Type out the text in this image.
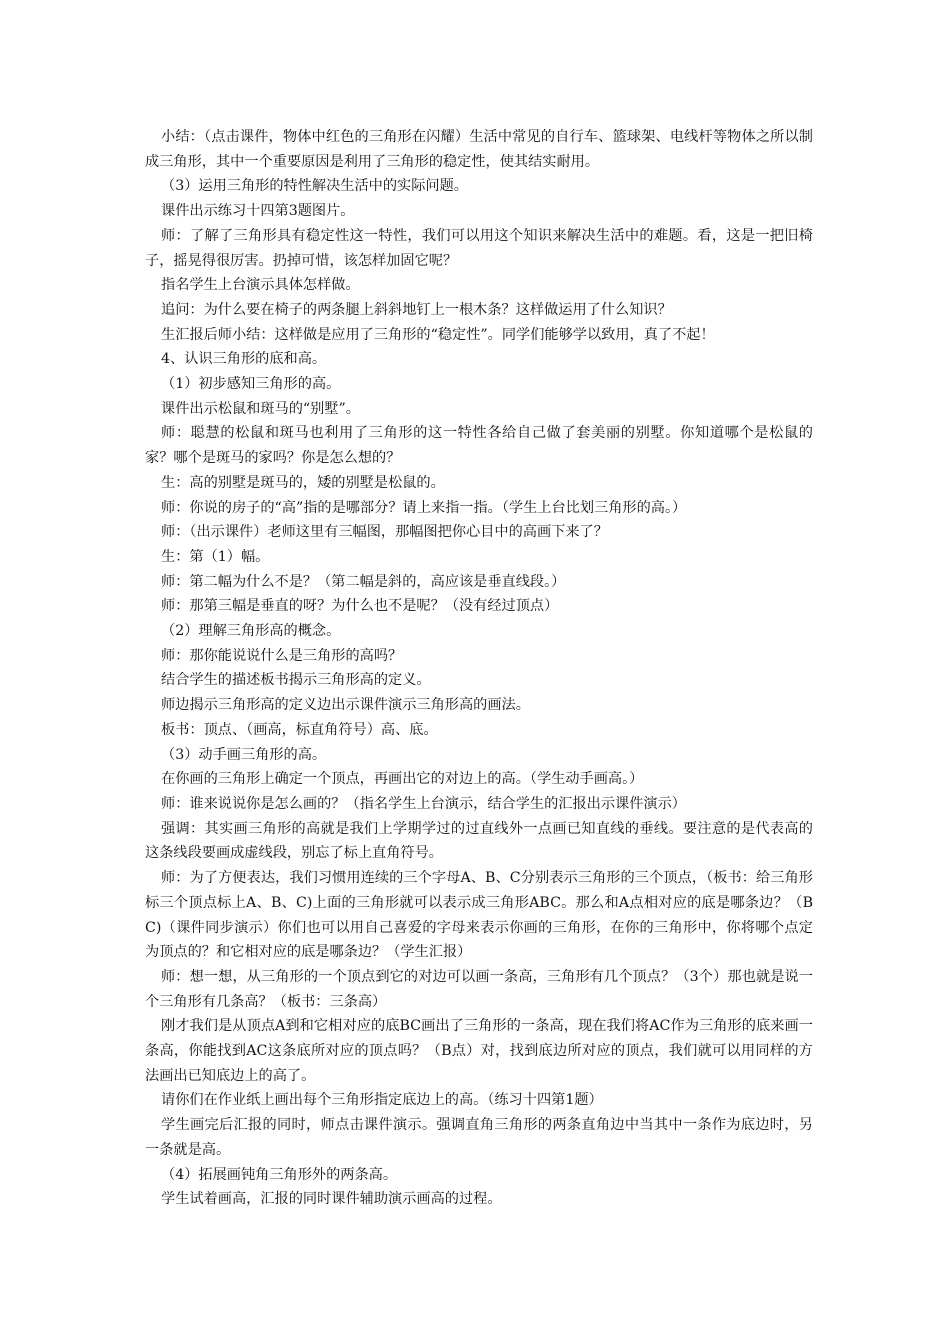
小结：（点击课件，物体中红色的三角形在闪耀）生活中常见的自行车、篮球架、电线杆等物体之所以制成三角形，其中一个重要原因是利用了三角形的稳定性，使其结实耐用。

（3）运用三角形的特性解决生活中的实际问题。

课件出示练习十四第3题图片。

师：了解了三角形具有稳定性这一特性，我们可以用这个知识来解决生活中的难题。看，这是一把旧椅子，摇晃得很厉害。扔掉可惜，该怎样加固它呢？

指名学生上台演示具体怎样做。

追问：为什么要在椅子的两条腿上斜斜地钉上一根木条？这样做运用了什么知识？

生汇报后师小结：这样做是应用了三角形的“稳定性”。同学们能够学以致用，真了不起！

4、认识三角形的底和高。

（1）初步感知三角形的高。

课件出示松鼠和斑马的“别墅”。

师：聪慧的松鼠和斑马也利用了三角形的这一特性各给自己做了套美丽的别墅。你知道哪个是松鼠的家？哪个是斑马的家吗？你是怎么想的？

生：高的别墅是斑马的，矮的别墅是松鼠的。

师：你说的房子的“高”指的是哪部分？请上来指一指。（学生上台比划三角形的高。）

师：（出示课件）老师这里有三幅图，那幅图把你心目中的高画下来了？

生：第（1）幅。

师：第二幅为什么不是？（第二幅是斜的，高应该是垂直线段。）

师：那第三幅是垂直的呀？为什么也不是呢？（没有经过顶点）

（2）理解三角形高的概念。

师：那你能说说什么是三角形的高吗？

结合学生的描述板书揭示三角形高的定义。

师边揭示三角形高的定义边出示课件演示三角形高的画法。

板书：顶点、（画高，标直角符号）高、底。

（3）动手画三角形的高。

在你画的三角形上确定一个顶点，再画出它的对边上的高。（学生动手画高。）

师：谁来说说你是怎么画的？（指名学生上台演示，结合学生的汇报出示课件演示）

强调：其实画三角形的高就是我们上学期学过的过直线外一点画已知直线的垂线。要注意的是代表高的这条线段要画成虚线段，别忘了标上直角符号。

师：为了方便表达，我们习惯用连续的三个字母A、B、C分别表示三角形的三个顶点，（板书：给三角形标三个顶点标上A、B、C)上面的三角形就可以表示成三角形ABC。那么和A点相对应的底是哪条边？（BC)（课件同步演示）你们也可以用自己喜爱的字母来表示你画的三角形，在你的三角形中，你将哪个点定为顶点的？和它相对应的底是哪条边？（学生汇报）

师：想一想，从三角形的一个顶点到它的对边可以画一条高，三角形有几个顶点？（3个）那也就是说一个三角形有几条高？（板书：三条高）

刚才我们是从顶点A到和它相对应的底BC画出了三角形的一条高，现在我们将AC作为三角形的底来画一条高，你能找到AC这条底所对应的顶点吗？（B点）对，找到底边所对应的顶点，我们就可以用同样的方法画出已知底边上的高了。

请你们在作业纸上画出每个三角形指定底边上的高。（练习十四第1题）

学生画完后汇报的同时，师点击课件演示。强调直角三角形的两条直角边中当其中一条作为底边时，另一条就是高。

（4）拓展画钝角三角形外的两条高。

学生试着画高，汇报的同时课件辅助演示画高的过程。
